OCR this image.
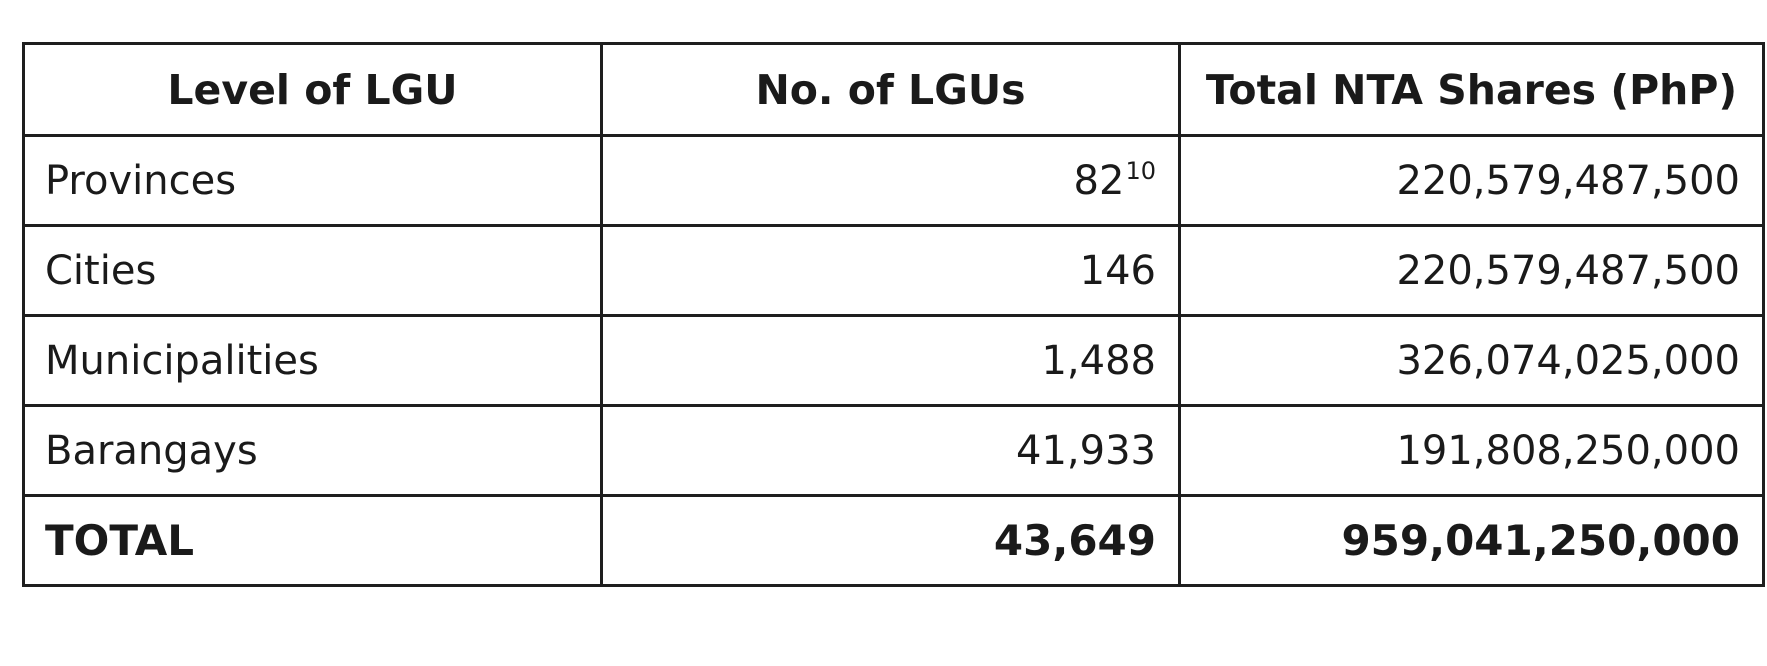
Level of LGU	No. of LGUs	Total NTA Shares (PhP)
Provinces	82$^{10}$	220,579,487,500
Cities	146	220,579,487,500
Municipalities	1,488	326,074,025,000
Barangays	41,933	191,808,250,000
TOTAL	43,649	959,041,250,000
